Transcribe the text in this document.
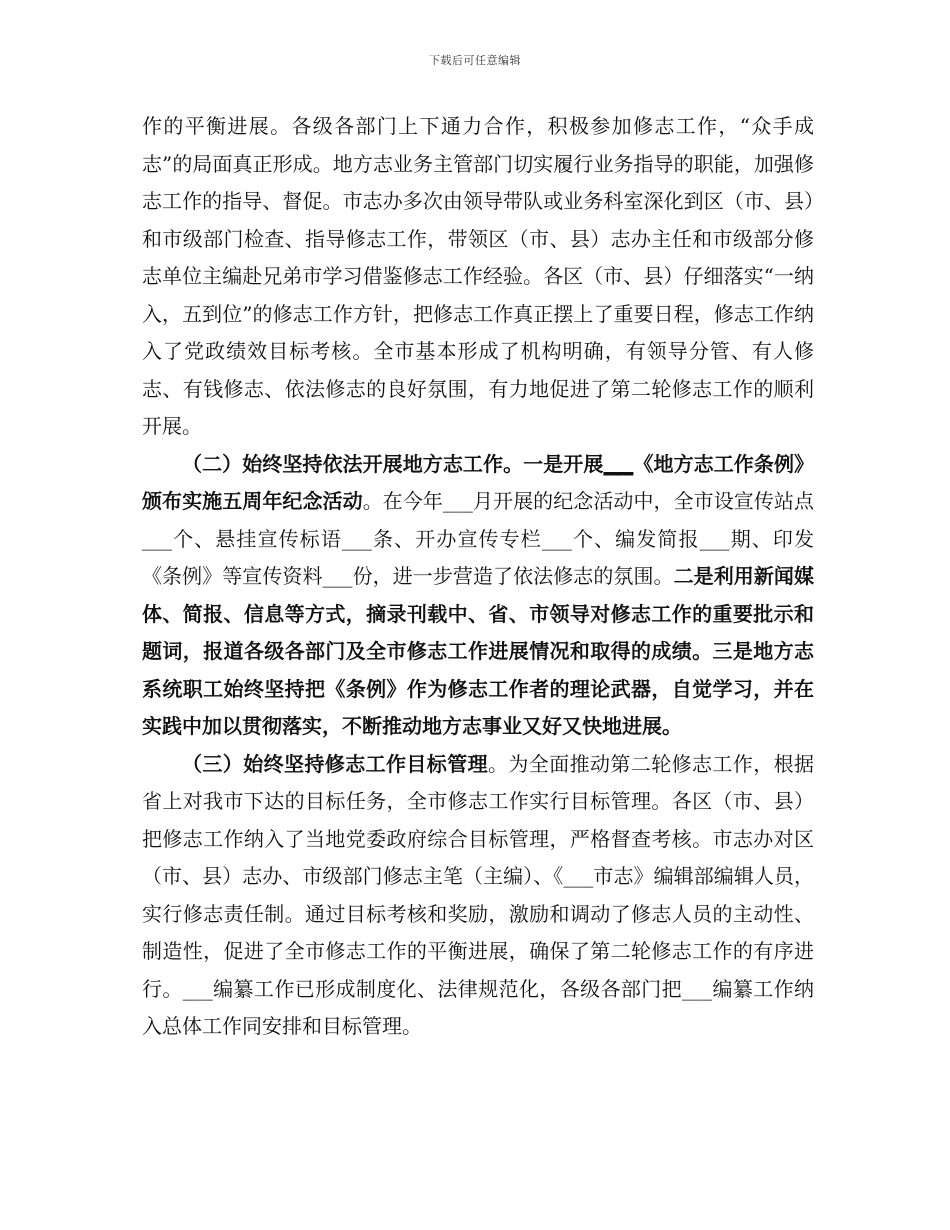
下载后可任意编辑

作的平衡进展。各级各部门上下通力合作，积极参加修志工作，“众手成志”的局面真正形成。地方志业务主管部门切实履行业务指导的职能，加强修志工作的指导、督促。市志办多次由领导带队或业务科室深化到区（市、县）和市级部门检查、指导修志工作，带领区（市、县）志办主任和市级部分修志单位主编赴兄弟市学习借鉴修志工作经验。各区（市、县）仔细落实“一纳入，五到位”的修志工作方针，把修志工作真正摆上了重要日程，修志工作纳入了党政绩效目标考核。全市基本形成了机构明确，有领导分管、有人修志、有钱修志、依法修志的良好氛围，有力地促进了第二轮修志工作的顺利开展。

（二）始终坚持依法开展地方志工作。一是开展___《地方志工作条例》颁布实施五周年纪念活动。在今年___月开展的纪念活动中，全市设宣传站点___个、悬挂宣传标语___条、开办宣传专栏___个、编发简报___期、印发《条例》等宣传资料___份，进一步营造了依法修志的氛围。二是利用新闻媒体、简报、信息等方式，摘录刊载中、省、市领导对修志工作的重要批示和题词，报道各级各部门及全市修志工作进展情况和取得的成绩。三是地方志系统职工始终坚持把《条例》作为修志工作者的理论武器，自觉学习，并在实践中加以贯彻落实，不断推动地方志事业又好又快地进展。

（三）始终坚持修志工作目标管理。为全面推动第二轮修志工作，根据省上对我市下达的目标任务，全市修志工作实行目标管理。各区（市、县）把修志工作纳入了当地党委政府综合目标管理，严格督查考核。市志办对区（市、县）志办、市级部门修志主笔（主编）、《___市志》编辑部编辑人员，实行修志责任制。通过目标考核和奖励，激励和调动了修志人员的主动性、制造性，促进了全市修志工作的平衡进展，确保了第二轮修志工作的有序进行。___编纂工作已形成制度化、法律规范化，各级各部门把___编纂工作纳入总体工作同安排和目标管理。
